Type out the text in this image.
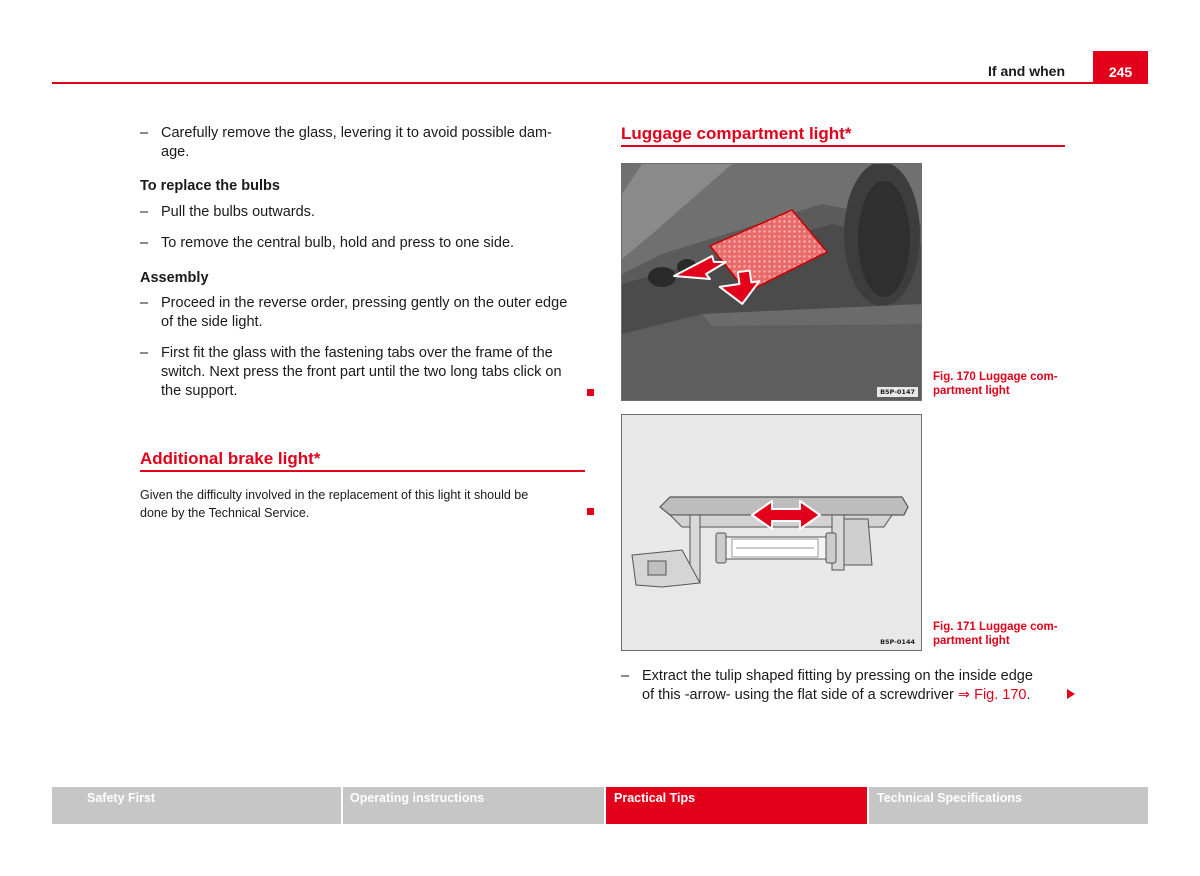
If and when	245
– Carefully remove the glass, levering it to avoid possible dam-
age.
To replace the bulbs
– Pull the bulbs outwards.
– To remove the central bulb, hold and press to one side.
Assembly
– Proceed in the reverse order, pressing gently on the outer edge
of the side light.
– First fit the glass with the fastening tabs over the frame of the
switch. Next press the front part until the two long tabs click on
the support.
Additional brake light*
Given the difficulty involved in the replacement of this light it should be
done by the Technical Service.
Luggage compartment light*
B5P-0147
Fig. 170 Luggage com-
partment light
B5P-0144
Fig. 171 Luggage com-
partment light
– Extract the tulip shaped fitting by pressing on the inside edge
of this -arrow- using the flat side of a screwdriver ⇒ Fig. 170.
Safety First	Operating instructions	Practical Tips	Technical Specifications
